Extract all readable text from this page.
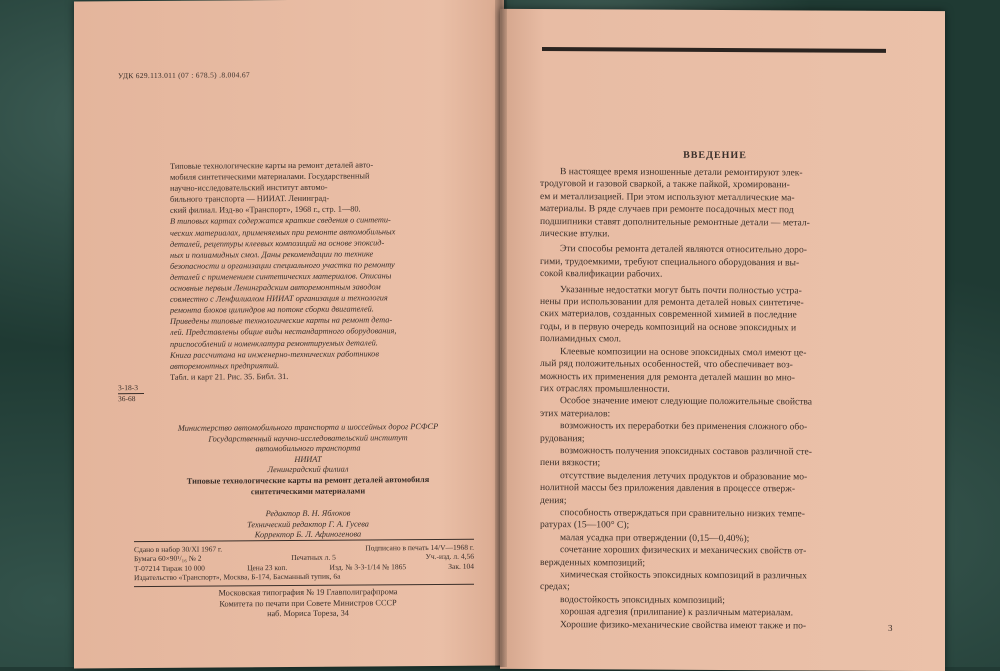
УДК 629.113.011 (07 : 678.5) .8.004.67
Типовые технологические карты на ремонт деталей авто-
мобиля синтетическими материалами. Государственный
научно-исследовательский институт автомо-
бильного транспорта — НИИАТ. Ленинград-
ский филиал. Изд-во «Транспорт», 1968 г., стр. 1—80.
В типовых картах содержатся краткие сведения о синтети-
ческих материалах, применяемых при ремонте автомобильных
деталей, рецептуры клеевых композиций на основе эпоксид-
ных и полиамидных смол. Даны рекомендации по технике
безопасности и организации специального участка по ремонту
деталей с применением синтетических материалов. Описаны
основные первым Ленинградским авторемонтным заводом
совместно с Ленфилиалом НИИАТ организация и технология
ремонта блоков цилиндров на потоке сборки двигателей.
Приведены типовые технологические карты на ремонт дета-
лей. Представлены общие виды нестандартного оборудования,
приспособлений и номенклатура ремонтируемых деталей.
Книга рассчитана на инженерно-технических работников
авторемонтных предприятий.
Табл. и карт 21. Рис. 35. Библ. 31.
3-18-3
36-68
Министерство автомобильного транспорта и шоссейных дорог РСФСР
Государственный научно-исследовательский институт
автомобильного транспорта
НИИАТ
Ленинградский филиал
Типовые технологические карты на ремонт деталей автомобиля
синтетическими материалами
Редактор В. Н. Яблоков
Технический редактор Г. А. Гусева
Корректор Б. Л. Афиногенова
Сдано в набор 30/XI 1967 г.	Подписано в печать 14/V—1968 г.
Бумага 60×90¹/₁₆ № 2	Печатных л. 5	Уч.-изд. л. 4,56
Т-07214 Тираж 10 000	Цена 23 коп.	Изд. № 3-3-1/14 № 1865	Зак. 104
Издательство «Транспорт», Москва, Б-174, Басманный тупик, 6а
Московская типография № 19 Главполиграфпрома
Комитета по печати при Совете Министров СССР
наб. Мориса Тореза, 34
ВВЕДЕНИЕ
В настоящее время изношенные детали ремонтируют элек-
тродуговой и газовой сваркой, а также пайкой, хромировани-
ем и металлизацией. При этом используют металлические ма-
материалы. В ряде случаев при ремонте посадочных мест под
подшипники ставят дополнительные ремонтные детали — метал-
лические втулки.
Эти способы ремонта деталей являются относительно доро-
гими, трудоемкими, требуют специального оборудования и вы-
сокой квалификации рабочих.
Указанные недостатки могут быть почти полностью устра-
нены при использовании для ремонта деталей новых синтетиче-
ских материалов, созданных современной химией в последние
годы, и в первую очередь композиций на основе эпоксидных и
полиамидных смол.
Клеевые композиции на основе эпоксидных смол имеют це-
лый ряд положительных особенностей, что обеспечивает воз-
можность их применения для ремонта деталей машин во мно-
гих отраслях промышленности.
Особое значение имеют следующие положительные свойства
этих материалов:
возможность их переработки без применения сложного обо-
рудования;
возможность получения эпоксидных составов различной сте-
пени вязкости;
отсутствие выделения летучих продуктов и образование мо-
нолитной массы без приложения давления в процессе отверж-
дения;
способность отверждаться при сравнительно низких темпе-
ратурах (15—100° С);
малая усадка при отверждении (0,15—0,40%);
сочетание хороших физических и механических свойств от-
вержденных композиций;
химическая стойкость эпоксидных композиций в различных
средах;
водостойкость эпоксидных композиций;
хорошая адгезия (прилипание) к различным материалам.
Хорошие физико-механические свойства имеют также и по-	3
